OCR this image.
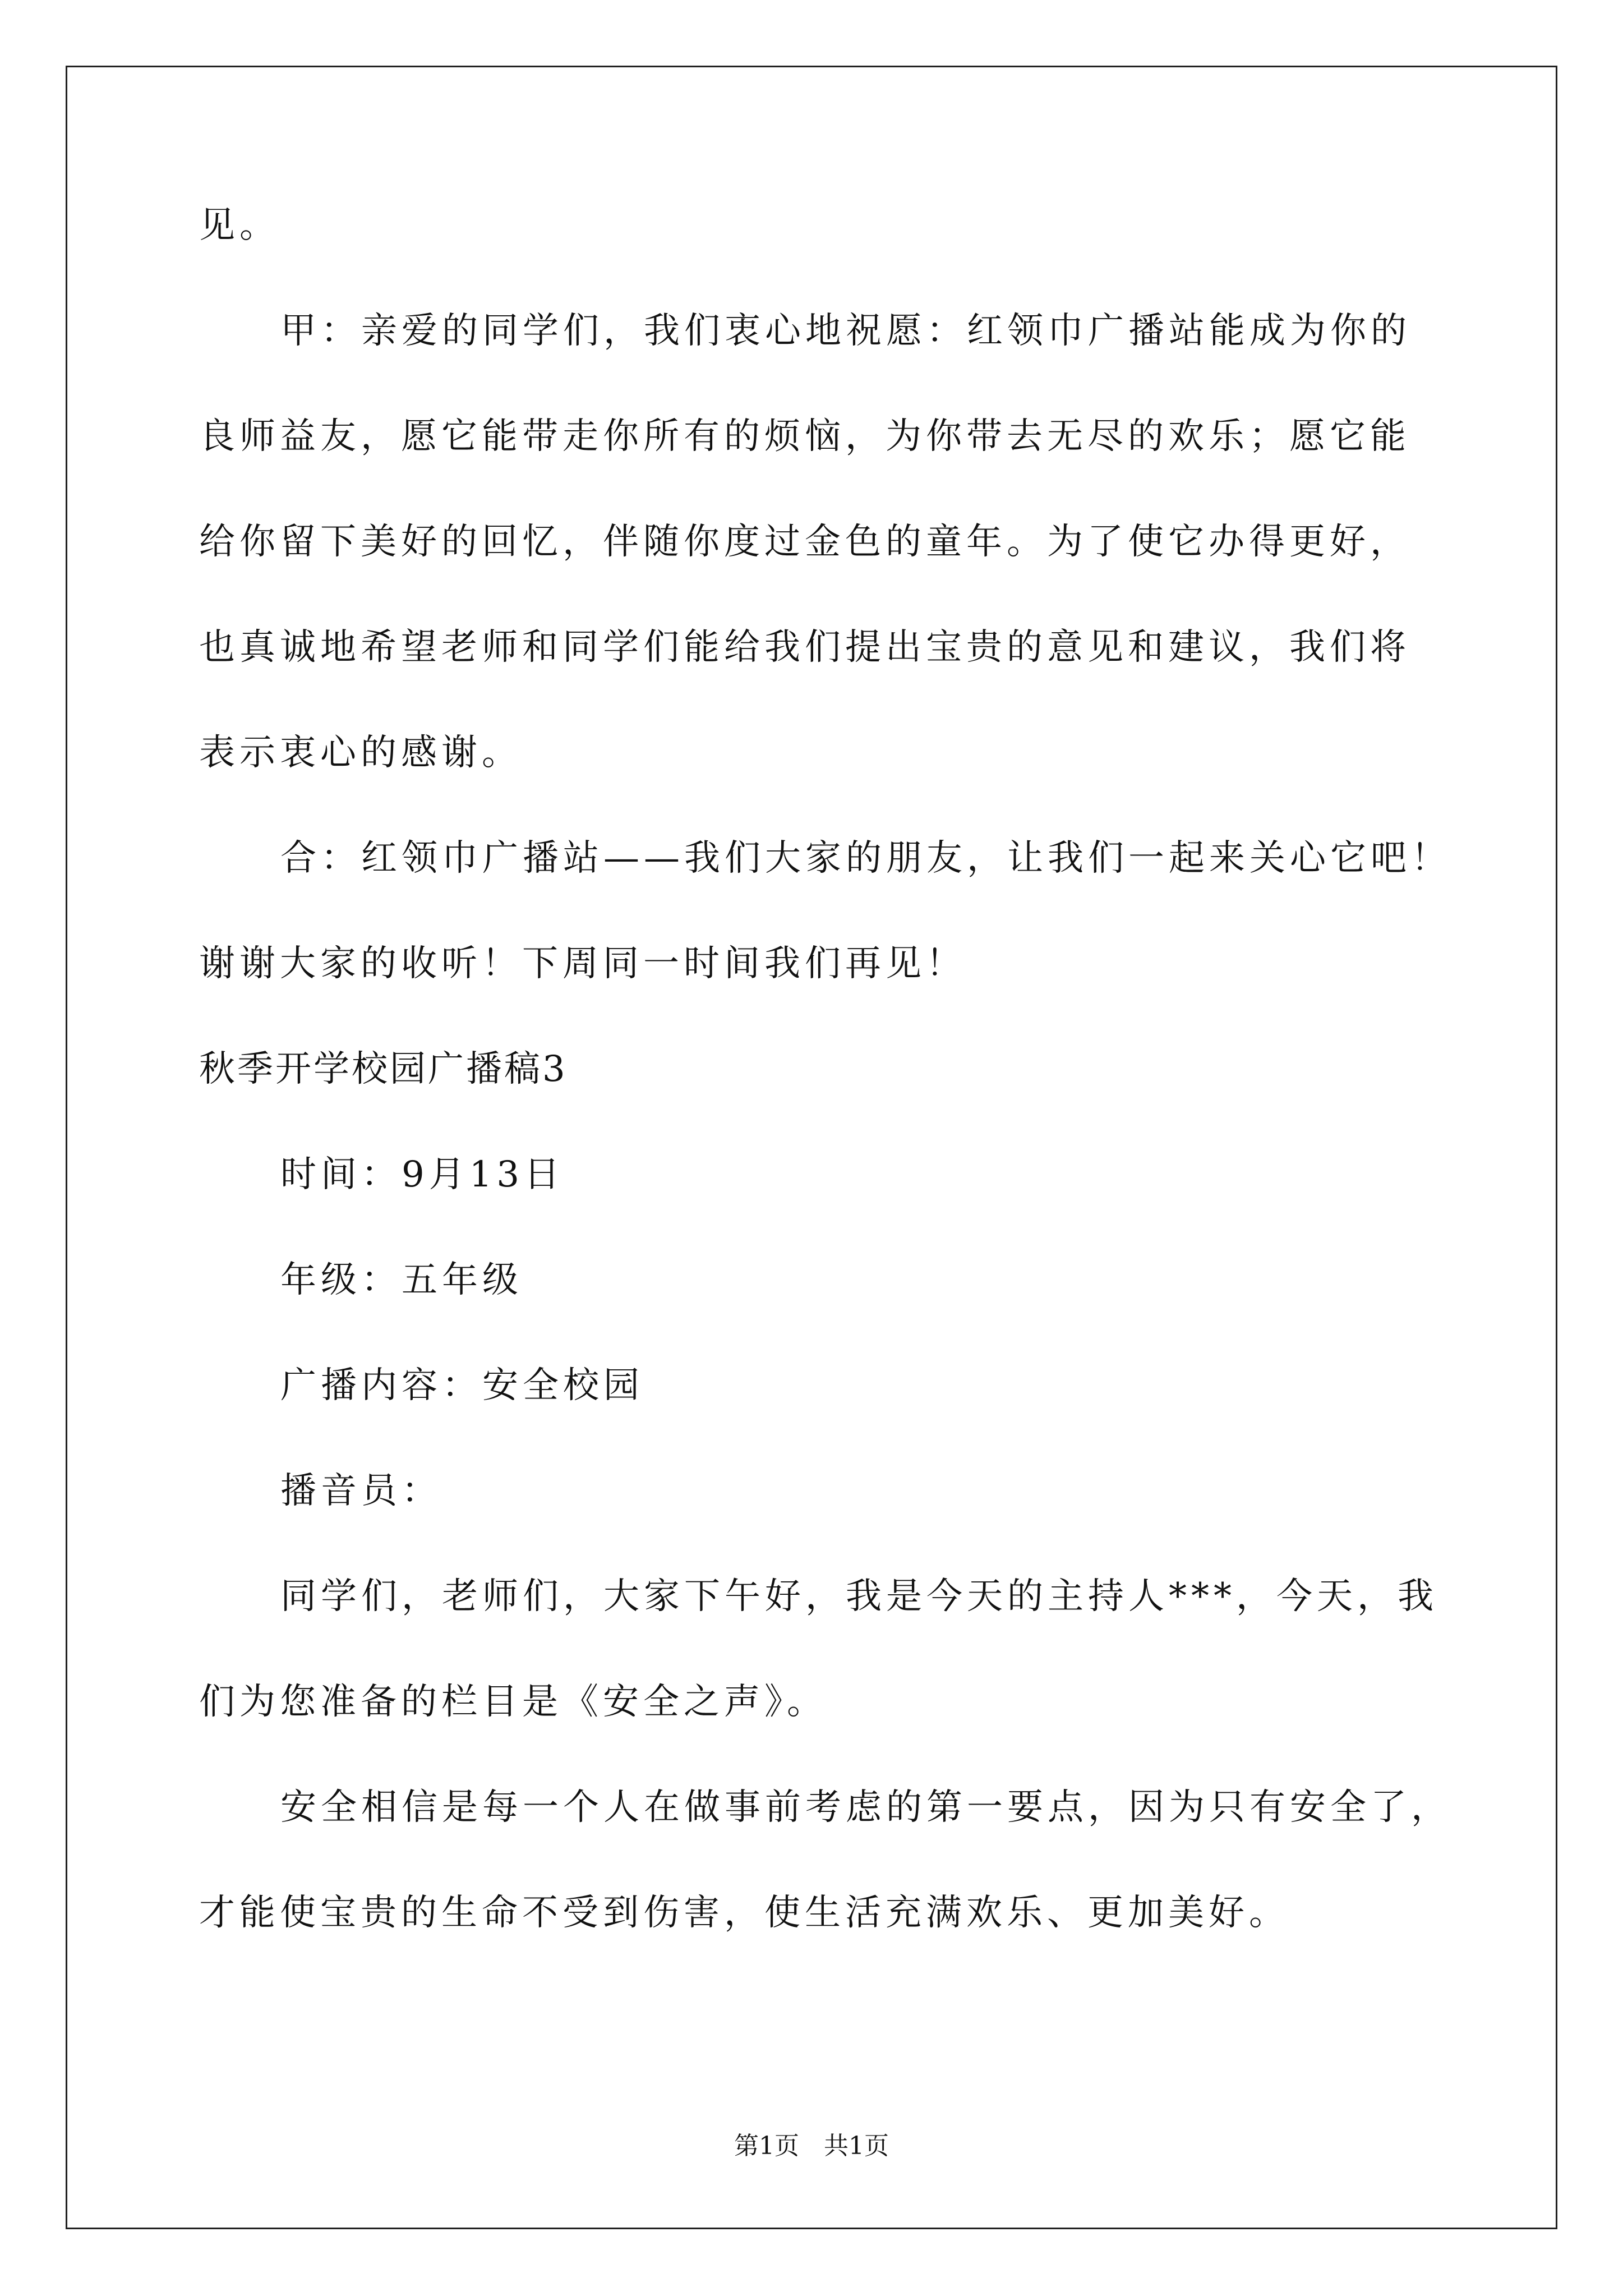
见。
甲：亲爱的同学们，我们衷心地祝愿：红领巾广播站能成为你的
良师益友，愿它能带走你所有的烦恼，为你带去无尽的欢乐；愿它能
给你留下美好的回忆，伴随你度过金色的童年。为了使它办得更好，
也真诚地希望老师和同学们能给我们提出宝贵的意见和建议，我们将
表示衷心的感谢。
合：红领巾广播站——我们大家的朋友，让我们一起来关心它吧！
谢谢大家的收听！下周同一时间我们再见！
秋季开学校园广播稿3
时间：9月13日
年级：五年级
广播内容：安全校园
播音员：
同学们，老师们，大家下午好，我是今天的主持人***，今天，我
们为您准备的栏目是《安全之声》。
安全相信是每一个人在做事前考虑的第一要点，因为只有安全了，
才能使宝贵的生命不受到伤害，使生活充满欢乐、更加美好。
第1页　共1页
